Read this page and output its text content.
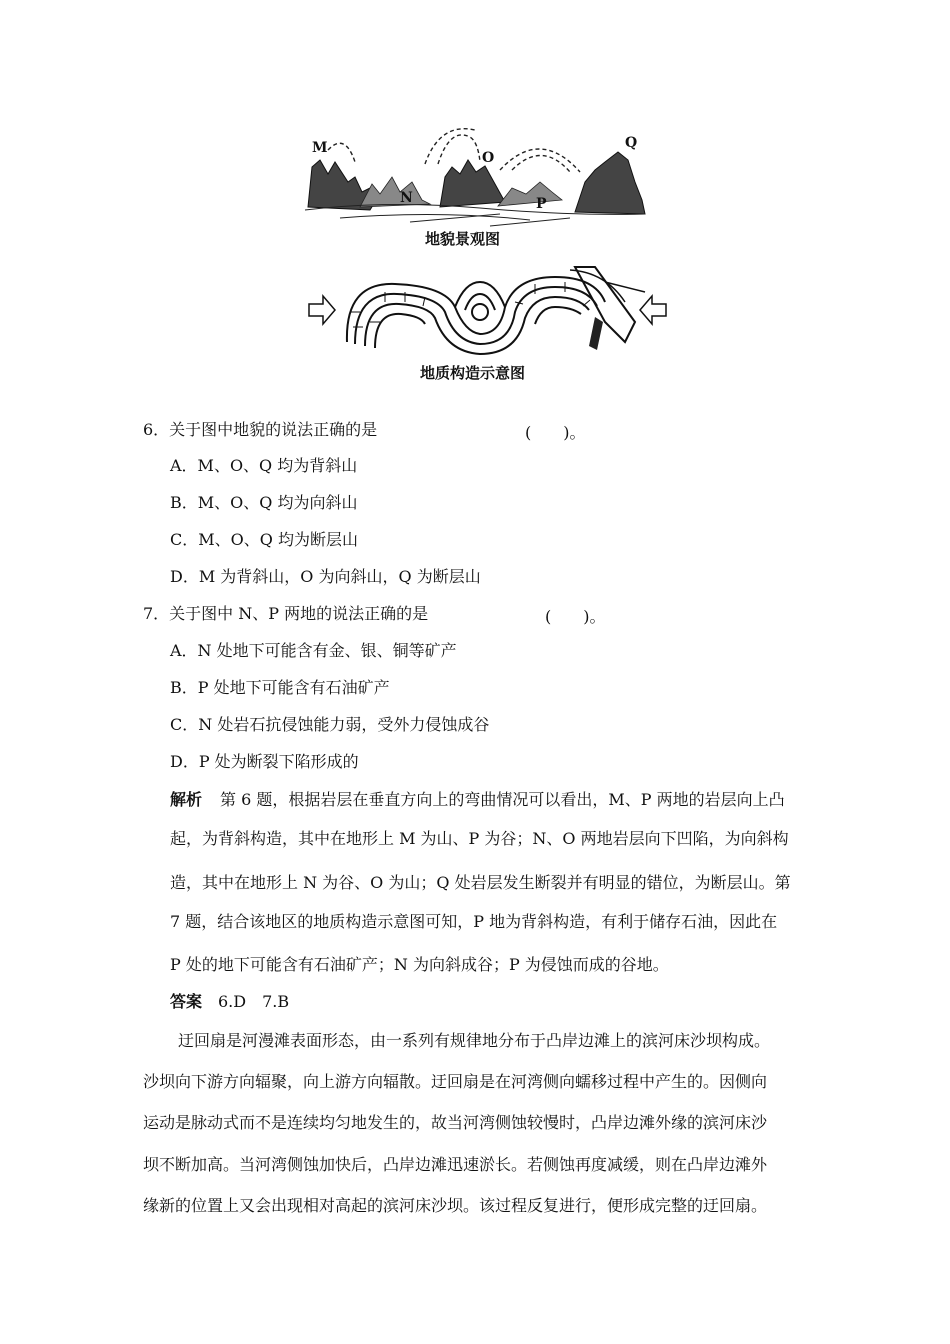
M
N
O
P
Q
地貌景观图
地质构造示意图
6．关于图中地貌的说法正确的是	(　　)。
A．M、O、Q 均为背斜山
B．M、O、Q 均为向斜山
C．M、O、Q 均为断层山
D．M 为背斜山，O 为向斜山，Q 为断层山
7．关于图中 N、P 两地的说法正确的是	(　　)。
A．N 处地下可能含有金、银、铜等矿产
B．P 处地下可能含有石油矿产
C．N 处岩石抗侵蚀能力弱，受外力侵蚀成谷
D．P 处为断裂下陷形成的
解析 第 6 题，根据岩层在垂直方向上的弯曲情况可以看出，M、P 两地的岩层向上凸
起，为背斜构造，其中在地形上 M 为山、P 为谷；N、O 两地岩层向下凹陷，为向斜构
造，其中在地形上 N 为谷、O 为山；Q 处岩层发生断裂并有明显的错位，为断层山。第
7 题，结合该地区的地质构造示意图可知，P 地为背斜构造，有利于储存石油，因此在
P 处的地下可能含有石油矿产；N 为向斜成谷；P 为侵蚀而成的谷地。
答案 6.D　7.B
迂回扇是河漫滩表面形态，由一系列有规律地分布于凸岸边滩上的滨河床沙坝构成。
沙坝向下游方向辐聚，向上游方向辐散。迂回扇是在河湾侧向蠕移过程中产生的。因侧向
运动是脉动式而不是连续均匀地发生的，故当河湾侧蚀较慢时，凸岸边滩外缘的滨河床沙
坝不断加高。当河湾侧蚀加快后，凸岸边滩迅速淤长。若侧蚀再度减缓，则在凸岸边滩外
缘新的位置上又会出现相对高起的滨河床沙坝。该过程反复进行，便形成完整的迂回扇。
